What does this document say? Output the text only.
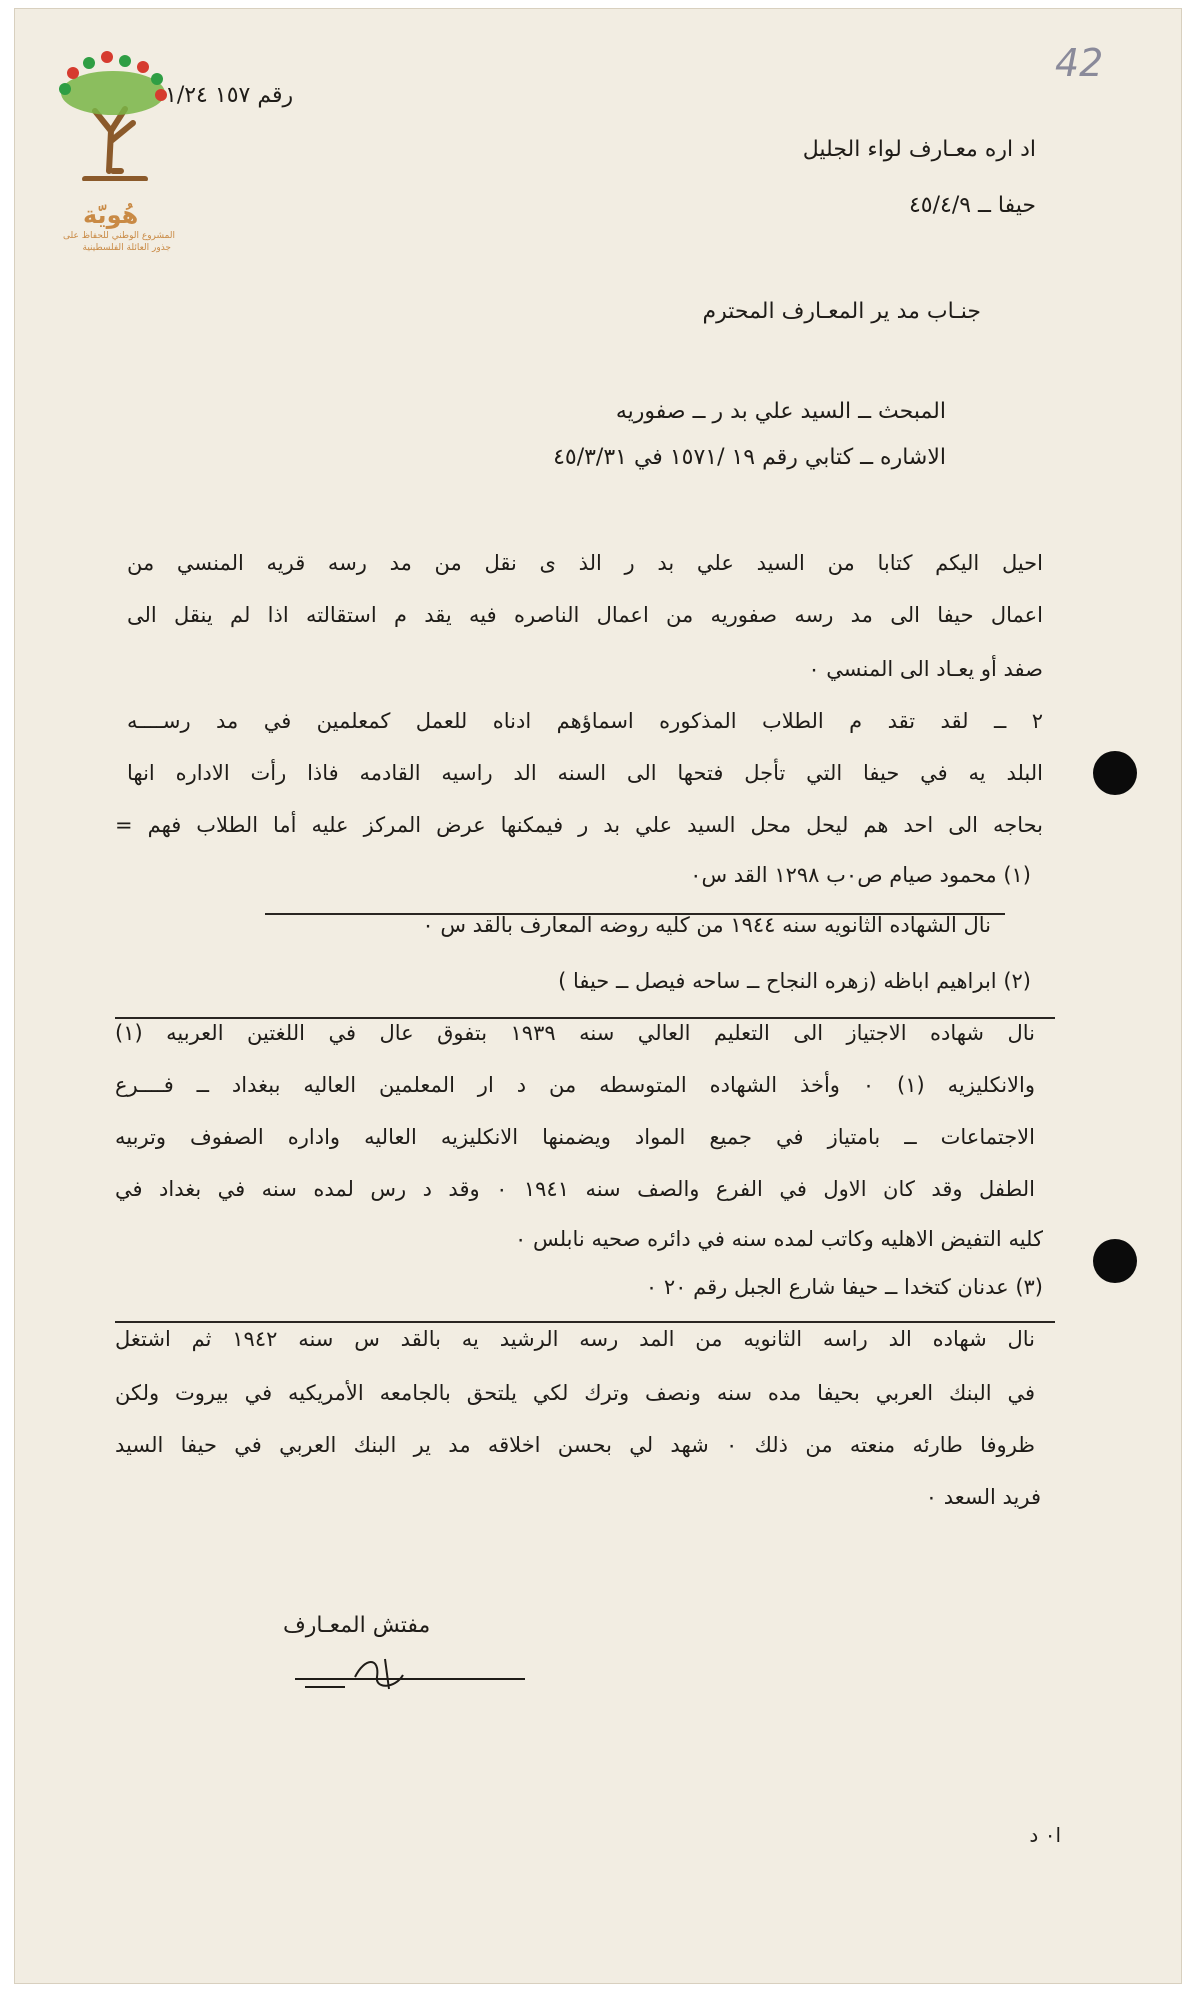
42
هُويّة
المشروع الوطني للحفاظ على
جذور العائلة الفلسطينية
رقم ١٥٧ ١/٢٤
اد اره معـارف لواء الجليل
حيفا ــ ٤٥/٤/٩
جنـاب مد ير المعـارف المحترم
المبحث ــ السيد علي بد ر ــ صفوريه
الاشاره ــ كتابي رقم ١٩ /١٥٧١ في ٤٥/٣/٣١
احيل اليكم كتابا من السيد علي بد ر الذ ى نقل من مد رسه قريه المنسي من
اعمال حيفا الى مد رسه صفوريه من اعمال الناصره فيه يقد م استقالته اذا لم ينقل الى
صفد أو يعـاد الى المنسي ٠
٢ ــ لقد تقد م الطلاب المذكوره اسماؤهم ادناه للعمل كمعلمين في مد رســــه
البلد يه في حيفا التي تأجل فتحها الى السنه الد راسيه القادمه فاذا رأت الاداره انها
بحاجه الى احد هم ليحل محل السيد علي بد ر فيمكنها عرض المركز عليه أما الطلاب فهم =
(١) محمود صيام ص٠ب ١٢٩٨ القد س٠
نال الشهاده الثانويه سنه ١٩٤٤ من كليه روضه المعارف بالقد س ٠
(٢) ابراهيم اباظه (زهره النجاح ــ ساحه فيصل ــ حيفا )
نال شهاده الاجتياز الى التعليم العالي سنه ١٩٣٩ بتفوق عال في اللغتين العربيه (١)
والانكليزيه (١) ٠ وأخذ الشهاده المتوسطه من د ار المعلمين العاليه ببغداد ــ فــــرع
الاجتماعات ــ بامتياز في جميع المواد ويضمنها الانكليزيه العاليه واداره الصفوف وتربيه
الطفل وقد كان الاول في الفرع والصف سنه ١٩٤١ ٠ وقد د رس لمده سنه في بغداد في
كليه التفيض الاهليه وكاتب لمده سنه في دائره صحيه نابلس ٠
(٣) عدنان كتخدا ــ حيفا شارع الجبل رقم ٢٠ ٠
نال شهاده الد راسه الثانويه من المد رسه الرشيد يه بالقد س سنه ١٩٤٢ ثم اشتغل
في البنك العربي بحيفا مده سنه ونصف وترك لكي يلتحق بالجامعه الأمريكيه في بيروت ولكن
ظروفا طارئه منعته من ذلك ٠ شهد لي بحسن اخلاقه مد ير البنك العربي في حيفا السيد
فريد السعد ٠
مفتش المعـارف
ا٠ د
